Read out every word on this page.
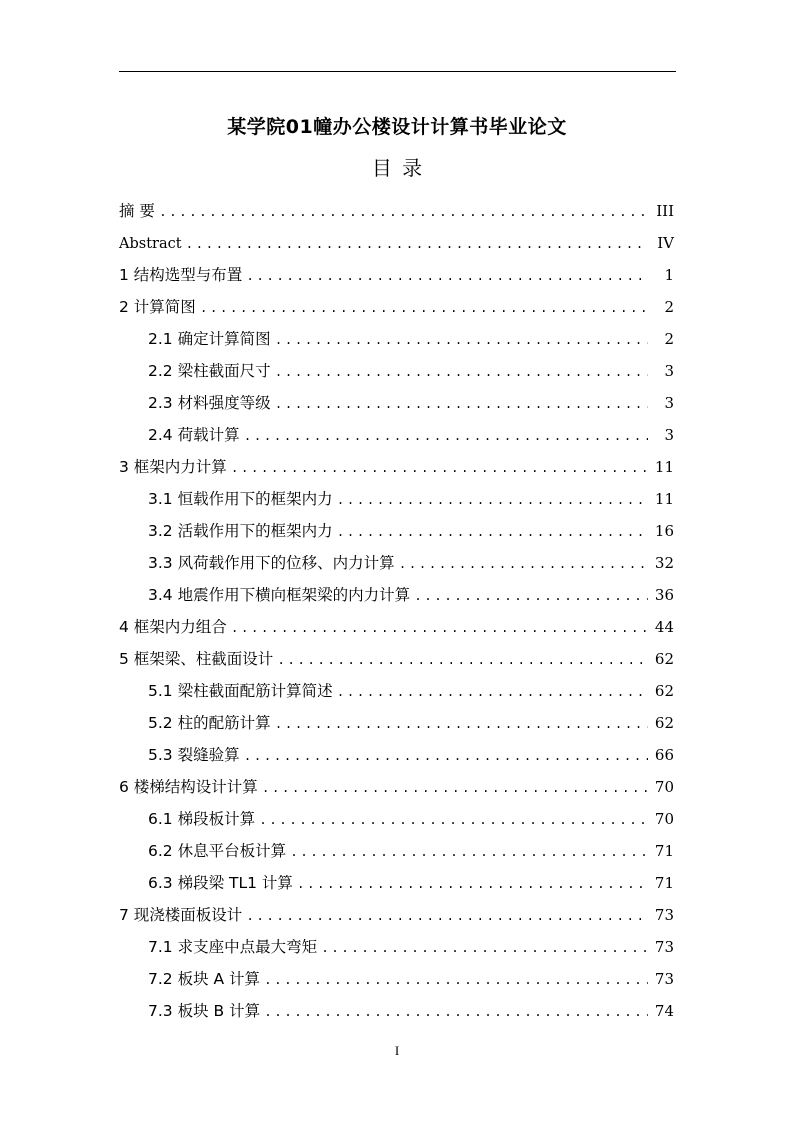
某学院01幢办公楼设计计算书毕业论文
目 录
摘 要 .....	III
Abstract .....	IV
1 结构选型与布置 .....	1
2 计算简图 .....	2
2.1 确定计算简图 .....	2
2.2 梁柱截面尺寸 .....	3
2.3 材料强度等级 .....	3
2.4 荷载计算 .....	3
3 框架内力计算 .....	11
3.1 恒载作用下的框架内力 .....	11
3.2 活载作用下的框架内力 .....	16
3.3 风荷载作用下的位移、内力计算 .....	32
3.4 地震作用下横向框架梁的内力计算 .....	36
4 框架内力组合 .....	44
5 框架梁、柱截面设计 .....	62
5.1 梁柱截面配筋计算简述 .....	62
5.2 柱的配筋计算 .....	62
5.3 裂缝验算 .....	66
6 楼梯结构设计计算 .....	70
6.1 梯段板计算 .....	70
6.2 休息平台板计算 .....	71
6.3 梯段梁 TL1 计算 .....	71
7 现浇楼面板设计 .....	73
7.1 求支座中点最大弯矩 .....	73
7.2 板块 A 计算 .....	73
7.3 板块 B 计算 .....	74
I
